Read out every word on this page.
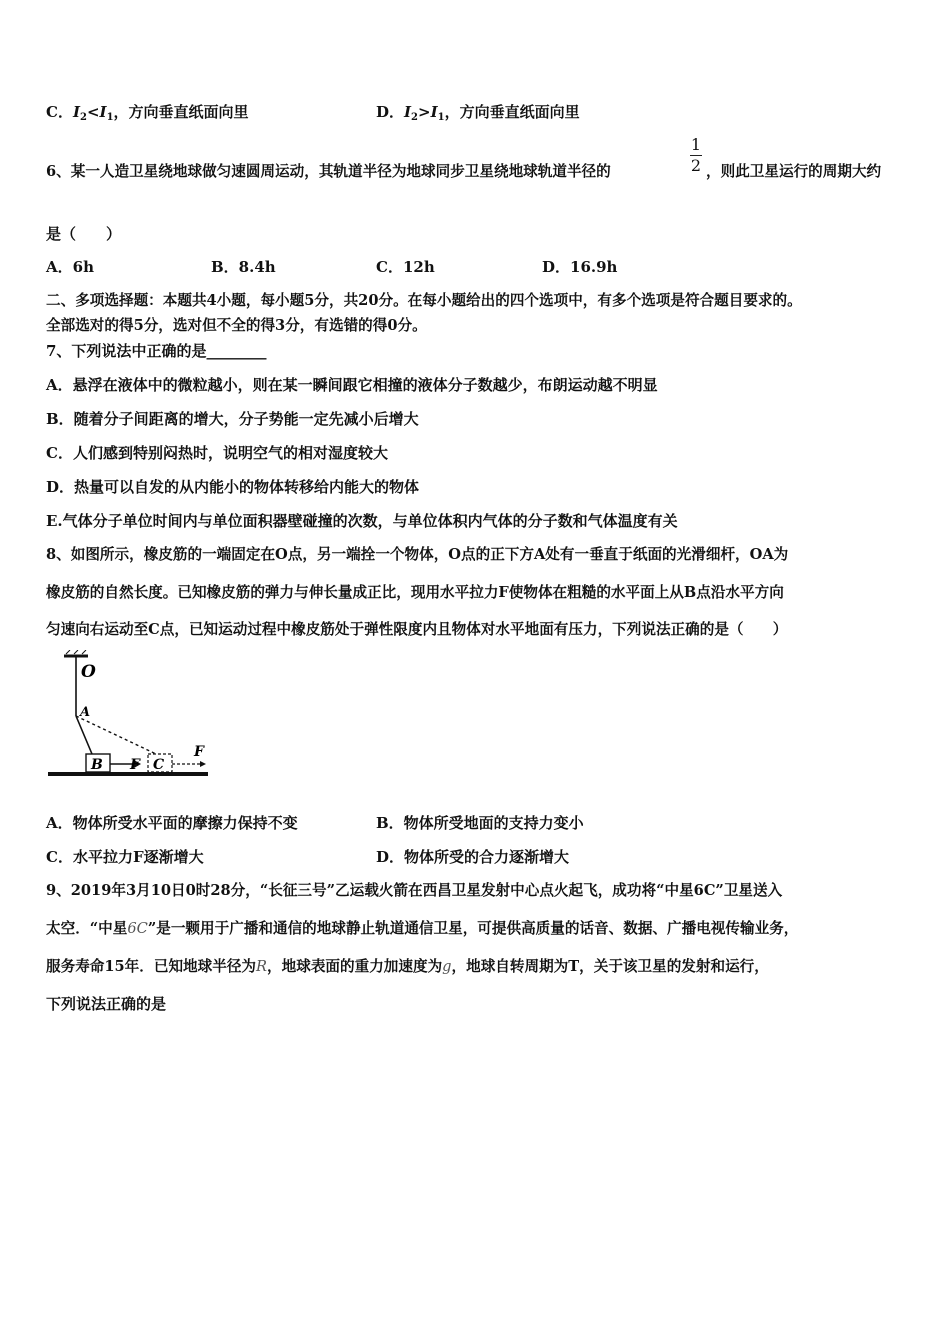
C．$I_2<I_1$，方向垂直纸面向里	D．$I_2>I_1$，方向垂直纸面向里
6、某一人造卫星绕地球做匀速圆周运动，其轨道半径为地球同步卫星绕地球轨道半径的
1
2 ，则此卫星运行的周期大约
是（　　）
A．6h	B．8.4h	C．12h	D．16.9h
二、多项选择题：本题共4小题，每小题5分，共20分。在每小题给出的四个选项中，有多个选项是符合题目要求的。
全部选对的得5分，选对但不全的得3分，有选错的得0分。
7、下列说法中正确的是________
A．悬浮在液体中的微粒越小，则在某一瞬间跟它相撞的液体分子数越少，布朗运动越不明显
B．随着分子间距离的增大，分子势能一定先减小后增大
C．人们感到特别闷热时，说明空气的相对湿度较大
D．热量可以自发的从内能小的物体转移给内能大的物体
E.气体分子单位时间内与单位面积器壁碰撞的次数，与单位体积内气体的分子数和气体温度有关
8、如图所示，橡皮筋的一端固定在O点，另一端拴一个物体，O点的正下方A处有一垂直于纸面的光滑细杆，OA为
橡皮筋的自然长度。已知橡皮筋的弹力与伸长量成正比，现用水平拉力F使物体在粗糙的水平面上从B点沿水平方向
匀速向右运动至C点，已知运动过程中橡皮筋处于弹性限度内且物体对水平地面有压力，下列说法正确的是（　　）
O
A
B F C
F
A．物体所受水平面的摩擦力保持不变	B．物体所受地面的支持力变小
C．水平拉力F逐渐增大	D．物体所受的合力逐渐增大
9、2019年3月10日0时28分，“长征三号”乙运载火箭在西昌卫星发射中心点火起飞，成功将“中星6C”卫星送入
太空．“中星6C”是一颗用于广播和通信的地球静止轨道通信卫星，可提供高质量的话音、数据、广播电视传输业务，
服务寿命15年．已知地球半径为R，地球表面的重力加速度为g，地球自转周期为T，关于该卫星的发射和运行，
下列说法正确的是
